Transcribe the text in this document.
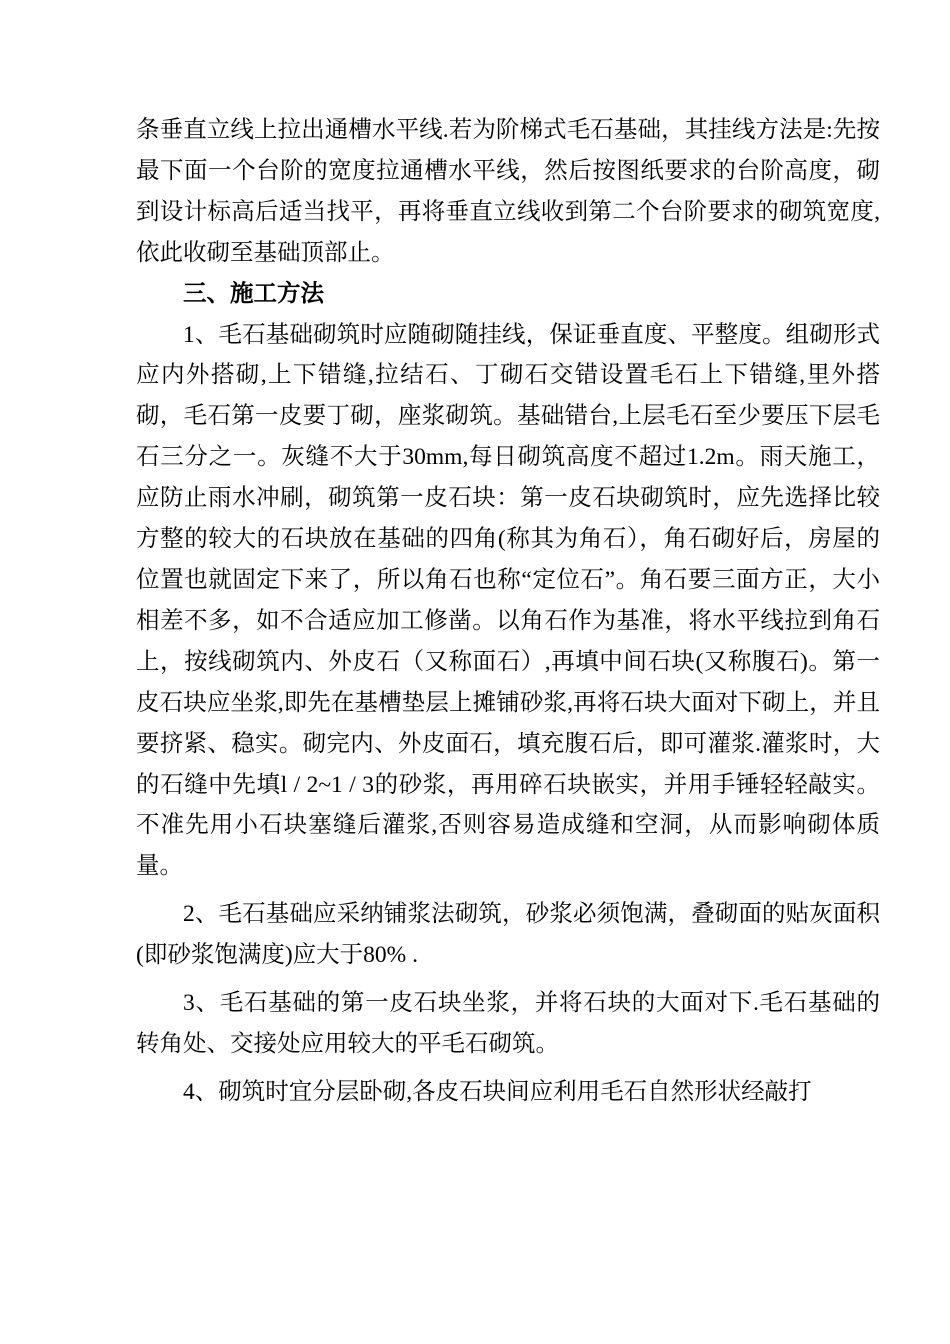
条垂直立线上拉出通槽水平线.若为阶梯式毛石基础，其挂线方法是:先按最下面一个台阶的宽度拉通槽水平线，然后按图纸要求的台阶高度，砌到设计标高后适当找平，再将垂直立线收到第二个台阶要求的砌筑宽度,依此收砌至基础顶部止。

三、施工方法

1、毛石基础砌筑时应随砌随挂线，保证垂直度、平整度。组砌形式应内外搭砌,上下错缝,拉结石、丁砌石交错设置毛石上下错缝,里外搭砌，毛石第一皮要丁砌，座浆砌筑。基础错台,上层毛石至少要压下层毛石三分之一。灰缝不大于30mm,每日砌筑高度不超过1.2m。雨天施工，应防止雨水冲刷，砌筑第一皮石块：第一皮石块砌筑时，应先选择比较方整的较大的石块放在基础的四角(称其为角石），角石砌好后，房屋的位置也就固定下来了，所以角石也称“定位石”。角石要三面方正，大小相差不多，如不合适应加工修凿。以角石作为基准，将水平线拉到角石上，按线砌筑内、外皮石（又称面石）,再填中间石块(又称腹石)。第一皮石块应坐浆,即先在基槽垫层上摊铺砂浆,再将石块大面对下砌上，并且要挤紧、稳实。砌完内、外皮面石，填充腹石后，即可灌浆.灌浆时，大的石缝中先填l / 2~1 / 3的砂浆，再用碎石块嵌实，并用手锤轻轻敲实。不准先用小石块塞缝后灌浆,否则容易造成缝和空洞，从而影响砌体质量。

2、毛石基础应采纳铺浆法砌筑，砂浆必须饱满，叠砌面的贴灰面积(即砂浆饱满度)应大于80% .

3、毛石基础的第一皮石块坐浆，并将石块的大面对下.毛石基础的转角处、交接处应用较大的平毛石砌筑。

4、砌筑时宜分层卧砌,各皮石块间应利用毛石自然形状经敲打
